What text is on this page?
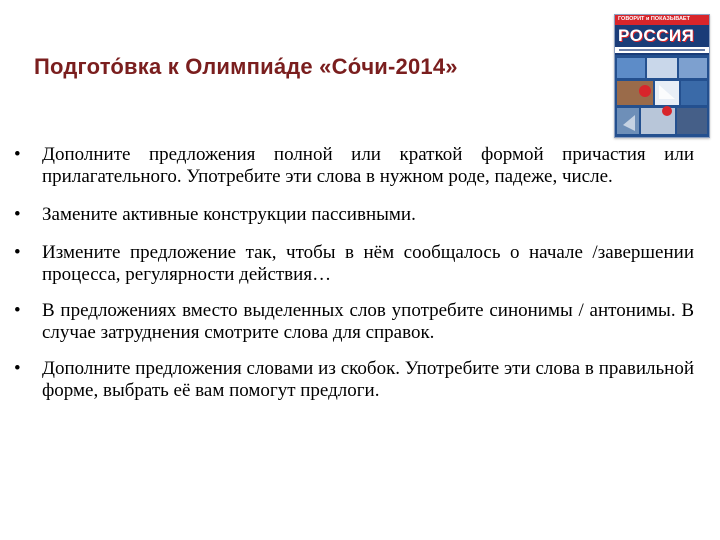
Подгото́вка к Олимпиа́де «Со́чи-2014»
ГОВОРИТ и ПОКАЗЫВАЕТ
РОССИЯ
• Дополните предложения полной или краткой формой причастия или прилагательного. Употребите эти слова в нужном роде, падеже, числе.
• Замените активные конструкции пассивными.
• Измените предложение так, чтобы в нём сообщалось о начале /завершении процесса, регулярности действия…
• В предложениях вместо выделенных слов употребите синонимы / антонимы. В случае затруднения смотрите слова для справок.
• Дополните предложения словами из скобок. Употребите эти слова в правильной форме, выбрать её вам помогут предлоги.
